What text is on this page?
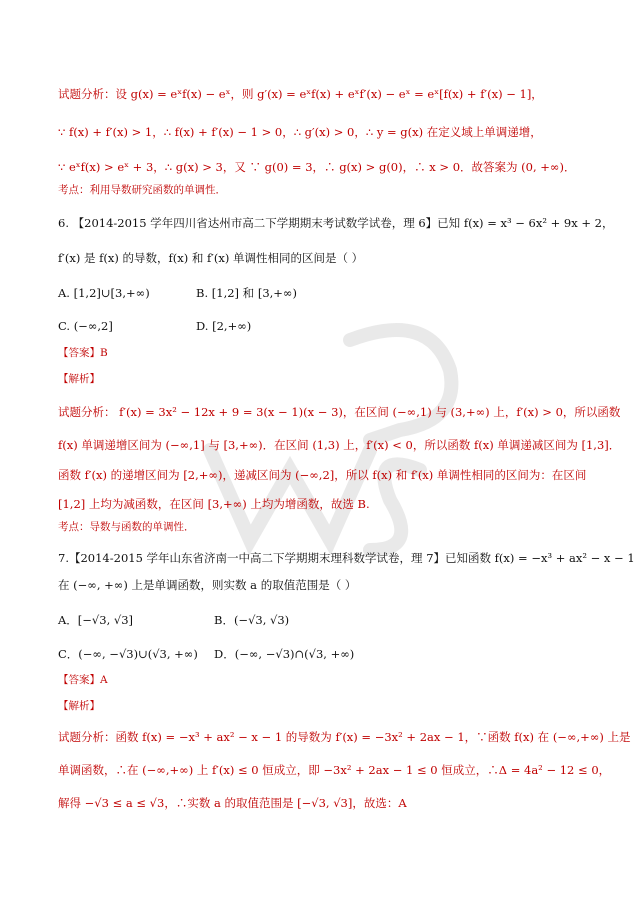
试题分析：设 g(x) = eˣf(x) − eˣ，则 g′(x) = eˣf(x) + eˣf′(x) − eˣ = eˣ[f(x) + f′(x) − 1]，
∵ f(x) + f′(x) > 1，∴ f(x) + f′(x) − 1 > 0，∴ g′(x) > 0，∴ y = g(x) 在定义域上单调递增，
∵ eˣf(x) > eˣ + 3，∴ g(x) > 3，又 ∵ g(0) = 3，∴ g(x) > g(0)，∴ x > 0．故答案为 (0, +∞)．
考点：利用导数研究函数的单调性．
6. 【2014-2015 学年四川省达州市高二下学期期末考试数学试卷，理 6】已知 f(x) = x³ − 6x² + 9x + 2，
f′(x) 是 f(x) 的导数，f(x) 和 f′(x) 单调性相同的区间是（ ）
A. [1,2]∪[3,+∞)	B. [1,2] 和 [3,+∞)
C. (−∞,2]	D. [2,+∞)
【答案】B
【解析】
试题分析： f′(x) = 3x² − 12x + 9 = 3(x − 1)(x − 3)，在区间 (−∞,1) 与 (3,+∞) 上，f′(x) > 0，所以函数
f(x) 单调递增区间为 (−∞,1] 与 [3,+∞)．在区间 (1,3) 上，f′(x) < 0，所以函数 f(x) 单调递减区间为 [1,3]．
函数 f′(x) 的递增区间为 [2,+∞)，递减区间为 (−∞,2]，所以 f(x) 和 f′(x) 单调性相同的区间为：在区间
[1,2] 上均为减函数，在区间 [3,+∞) 上均为增函数，故选 B.
考点：导数与函数的单调性．
7.【2014-2015 学年山东省济南一中高二下学期期末理科数学试卷，理 7】已知函数 f(x) = −x³ + ax² − x − 1
在 (−∞, +∞) 上是单调函数，则实数 a 的取值范围是（ ）
A．[−√3, √3]	B．(−√3, √3)
C．(−∞, −√3)∪(√3, +∞) D．(−∞, −√3)∩(√3, +∞)
【答案】A
【解析】
试题分析：函数 f(x) = −x³ + ax² − x − 1 的导数为 f′(x) = −3x² + 2ax − 1，∵函数 f(x) 在 (−∞,+∞) 上是
单调函数，∴在 (−∞,+∞) 上 f′(x) ≤ 0 恒成立，即 −3x² + 2ax − 1 ≤ 0 恒成立，∴Δ = 4a² − 12 ≤ 0，
解得 −√3 ≤ a ≤ √3，∴实数 a 的取值范围是 [−√3, √3]，故选：A
